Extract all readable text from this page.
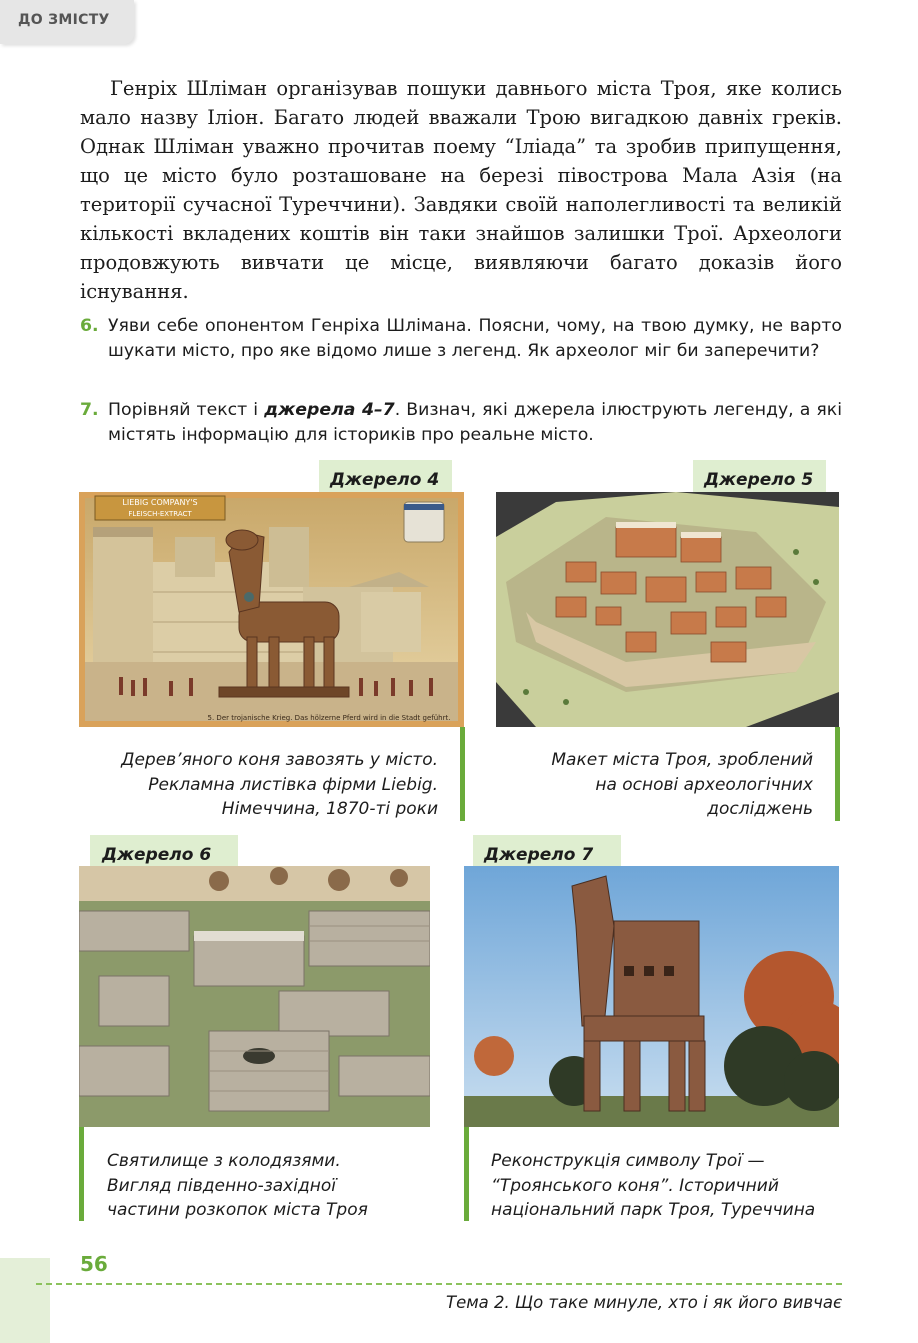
ДО ЗМІСТУ

Генріх Шліман організував пошуки давнього міста Троя, яке колись мало назву Іліон. Багато людей вважали Трою вигадкою давніх греків. Однак Шліман уважно прочитав поему “Іліада” та зробив припущення, що це місто було розташоване на березі півострова Мала Азія (на території сучасної Туреччини). Завдяки своїй наполегливості та великій кількості вкладених коштів він таки знайшов залишки Трої. Археологи продовжують вивчати це місце, виявляючи багато доказів його існування.

6. Уяви себе опонентом Генріха Шлімана. Поясни, чому, на твою думку, не варто шукати місто, про яке відомо лише з легенд. Як археолог міг би заперечити?
7. Порівняй текст і джерела 4–7. Визнач, які джерела ілюструють легенду, а які містять інформацію для істориків про реальне місто.
Джерело 4
LIEBIG COMPANY'S
FLEISCH-EXTRACT
5. Der trojanische Krieg. Das hölzerne Pferd wird in die Stadt geführt.

Дерев’яного коня завозять у місто.
Рекламна листівка фірми Liebig.
Німеччина, 1870-ті роки

Джерело 5

Макет міста Троя, зроблений
на основі археологічних
досліджень

Джерело 6

Святилище з колодязями.
Вигляд південно-західної
частини розкопок міста Троя

Джерело 7

Реконструкція символу Трої —
“Троянського коня”. Історичний
національний парк Троя, Туреччина

56
Тема 2. Що таке минуле, хто і як його вивчає
